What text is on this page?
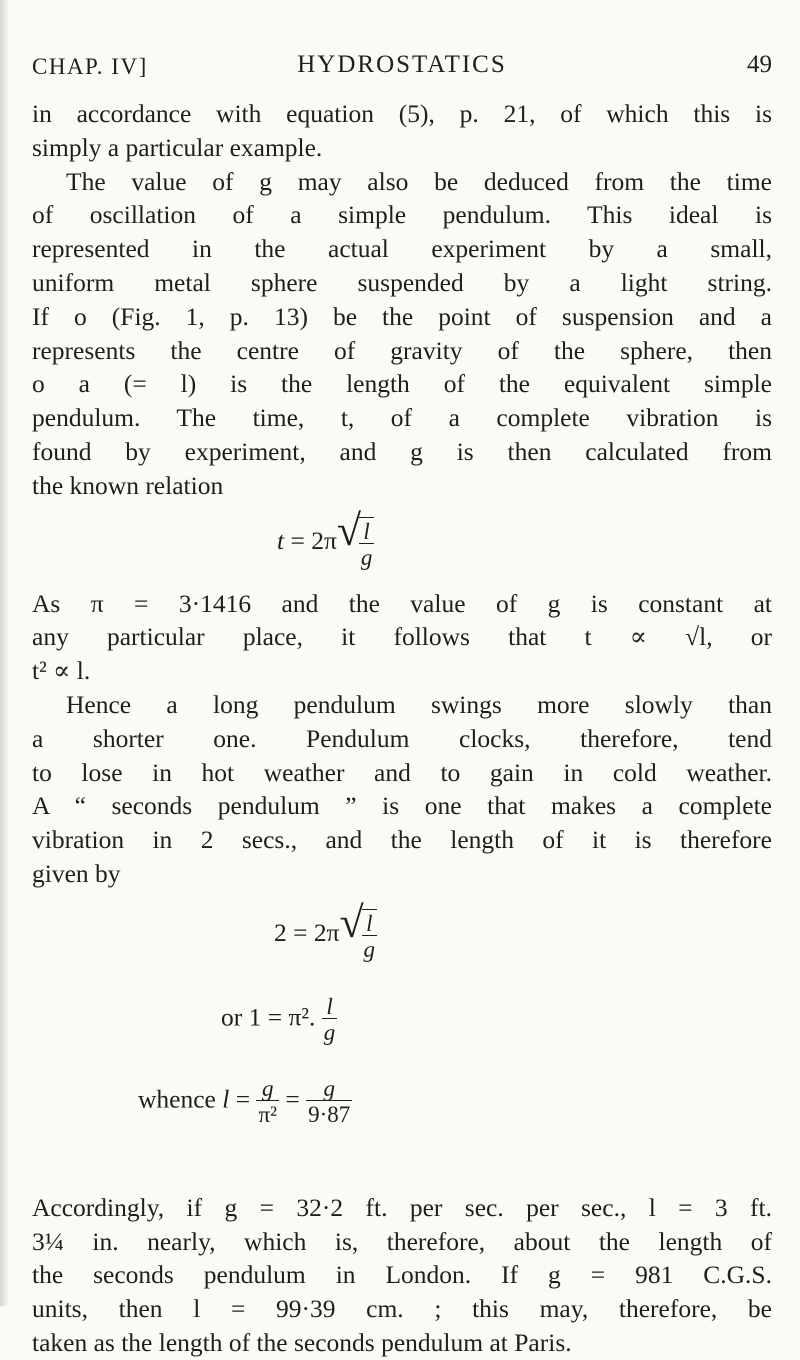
CHAP. IV]	HYDROSTATICS	49

in accordance with equation (5), p. 21, of which this is
simply a particular example.

The value of g may also be deduced from the time

of oscillation of a simple pendulum. This ideal is
represented in the actual experiment by a small,
uniform metal sphere suspended by a light string.
If o (Fig. 1, p. 13) be the point of suspension and a
represents the centre of gravity of the sphere, then
o a (= l) is the length of the equivalent simple
pendulum. The time, t, of a complete vibration is
found by experiment, and g is then calculated from
the known relation

t = 2π √
$\frac{l}{g}$

As π = 3·1416 and the value of g is constant at
any particular place, it follows that t ∝ √l, or
t² ∝ l.

Hence a long pendulum swings more slowly than

a shorter one. Pendulum clocks, therefore, tend
to lose in hot weather and to gain in cold weather.
A “ seconds pendulum ” is one that makes a complete
vibration in 2 secs., and the length of it is therefore
given by

2 = 2π √
$\frac{l}{g}$
or 1 = π². $\frac{l}{g}$
whence $l = \frac{g}{\text{π²}} = \frac{g}{9\cdot 87}$

Accordingly, if g = 32·2 ft. per sec. per sec., l = 3 ft.
3¼ in. nearly, which is, therefore, about the length of
the seconds pendulum in London. If g = 981 C.G.S.
units, then l = 99·39 cm. ; this may, therefore, be
taken as the length of the seconds pendulum at Paris.
